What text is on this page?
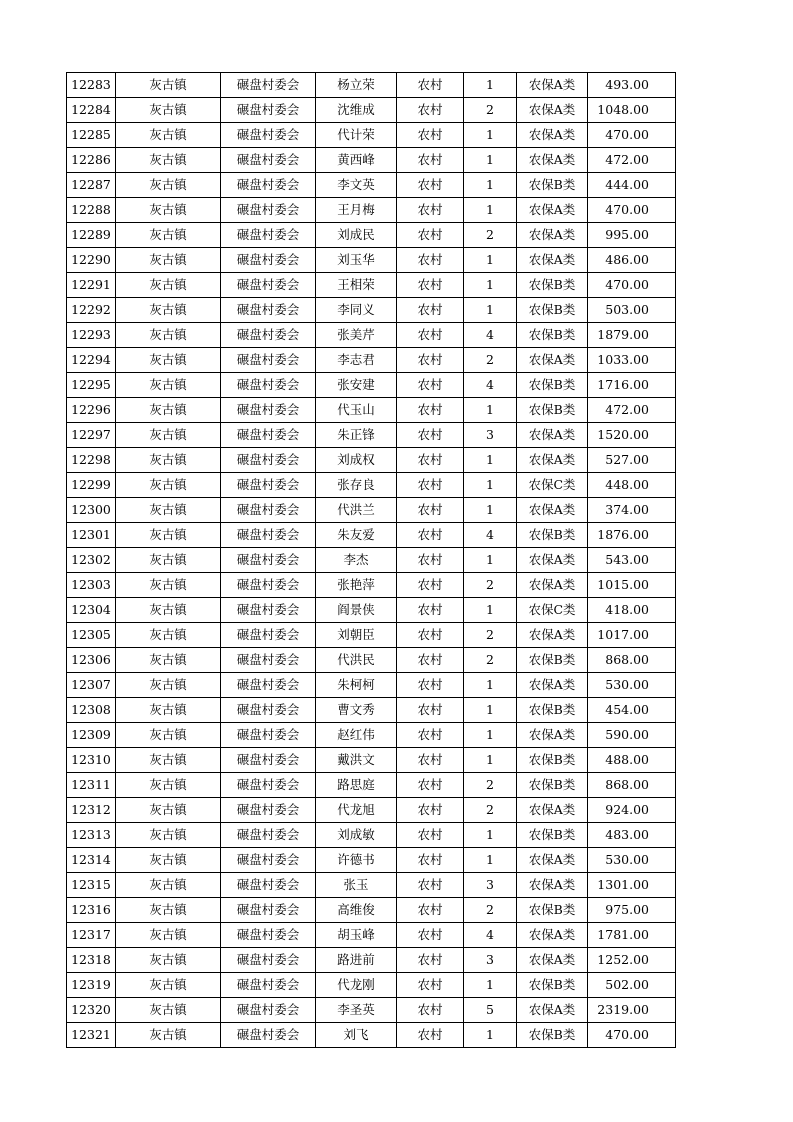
12283	灰古镇	碾盘村委会	杨立荣	农村	1	农保A类	493.00
12284	灰古镇	碾盘村委会	沈维成	农村	2	农保A类	1048.00
12285	灰古镇	碾盘村委会	代计荣	农村	1	农保A类	470.00
12286	灰古镇	碾盘村委会	黄西峰	农村	1	农保A类	472.00
12287	灰古镇	碾盘村委会	李文英	农村	1	农保B类	444.00
12288	灰古镇	碾盘村委会	王月梅	农村	1	农保A类	470.00
12289	灰古镇	碾盘村委会	刘成民	农村	2	农保A类	995.00
12290	灰古镇	碾盘村委会	刘玉华	农村	1	农保A类	486.00
12291	灰古镇	碾盘村委会	王相荣	农村	1	农保B类	470.00
12292	灰古镇	碾盘村委会	李同义	农村	1	农保B类	503.00
12293	灰古镇	碾盘村委会	张美芹	农村	4	农保B类	1879.00
12294	灰古镇	碾盘村委会	李志君	农村	2	农保A类	1033.00
12295	灰古镇	碾盘村委会	张安建	农村	4	农保B类	1716.00
12296	灰古镇	碾盘村委会	代玉山	农村	1	农保B类	472.00
12297	灰古镇	碾盘村委会	朱正锋	农村	3	农保A类	1520.00
12298	灰古镇	碾盘村委会	刘成权	农村	1	农保A类	527.00
12299	灰古镇	碾盘村委会	张存良	农村	1	农保C类	448.00
12300	灰古镇	碾盘村委会	代洪兰	农村	1	农保A类	374.00
12301	灰古镇	碾盘村委会	朱友爱	农村	4	农保B类	1876.00
12302	灰古镇	碾盘村委会	李杰	农村	1	农保A类	543.00
12303	灰古镇	碾盘村委会	张艳萍	农村	2	农保A类	1015.00
12304	灰古镇	碾盘村委会	阎景侠	农村	1	农保C类	418.00
12305	灰古镇	碾盘村委会	刘朝臣	农村	2	农保A类	1017.00
12306	灰古镇	碾盘村委会	代洪民	农村	2	农保B类	868.00
12307	灰古镇	碾盘村委会	朱柯柯	农村	1	农保A类	530.00
12308	灰古镇	碾盘村委会	曹文秀	农村	1	农保B类	454.00
12309	灰古镇	碾盘村委会	赵红伟	农村	1	农保A类	590.00
12310	灰古镇	碾盘村委会	戴洪文	农村	1	农保B类	488.00
12311	灰古镇	碾盘村委会	路思庭	农村	2	农保B类	868.00
12312	灰古镇	碾盘村委会	代龙旭	农村	2	农保A类	924.00
12313	灰古镇	碾盘村委会	刘成敏	农村	1	农保B类	483.00
12314	灰古镇	碾盘村委会	许德书	农村	1	农保A类	530.00
12315	灰古镇	碾盘村委会	张玉	农村	3	农保A类	1301.00
12316	灰古镇	碾盘村委会	高维俊	农村	2	农保B类	975.00
12317	灰古镇	碾盘村委会	胡玉峰	农村	4	农保A类	1781.00
12318	灰古镇	碾盘村委会	路进前	农村	3	农保A类	1252.00
12319	灰古镇	碾盘村委会	代龙刚	农村	1	农保B类	502.00
12320	灰古镇	碾盘村委会	李圣英	农村	5	农保A类	2319.00
12321	灰古镇	碾盘村委会	刘飞	农村	1	农保B类	470.00
